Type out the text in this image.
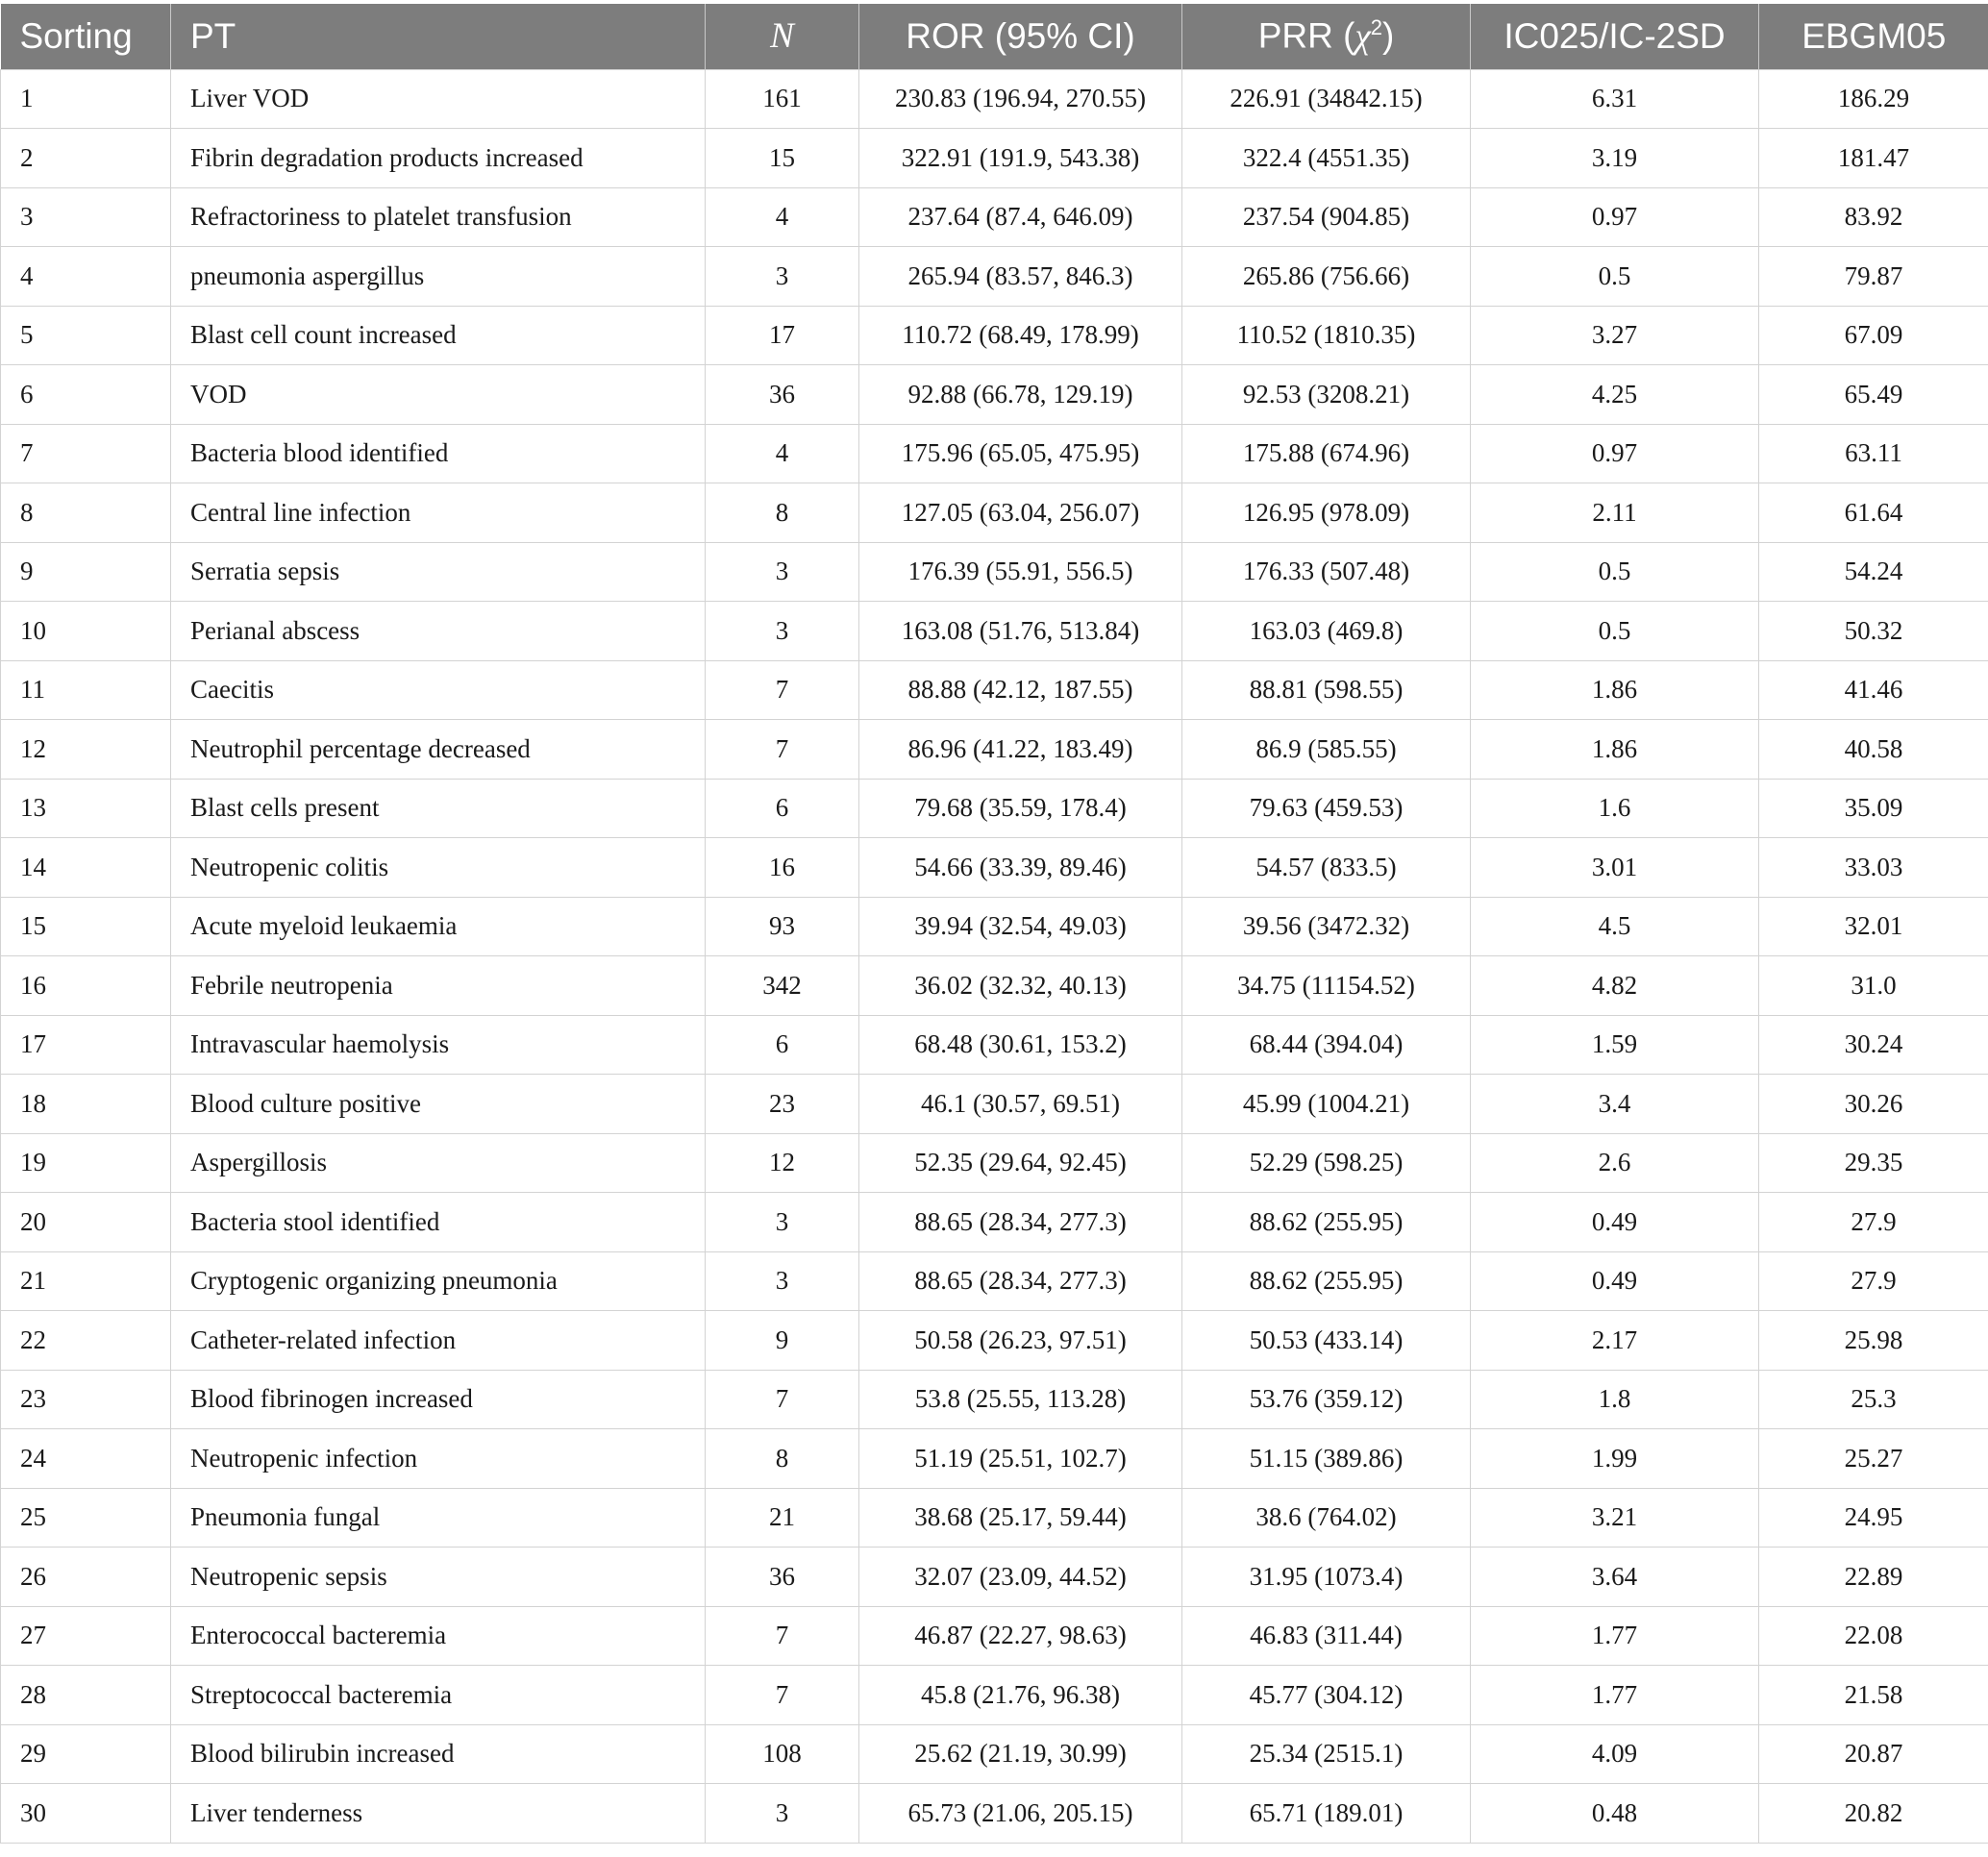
Sorting	PT	N	ROR (95% CI)	PRR $(\chi^2)$	IC025/IC-2SD	EBGM05
1	Liver VOD	161	230.83 (196.94, 270.55)	226.91 (34842.15)	6.31	186.29
2	Fibrin degradation products increased	15	322.91 (191.9, 543.38)	322.4 (4551.35)	3.19	181.47
3	Refractoriness to platelet transfusion	4	237.64 (87.4, 646.09)	237.54 (904.85)	0.97	83.92
4	pneumonia aspergillus	3	265.94 (83.57, 846.3)	265.86 (756.66)	0.5	79.87
5	Blast cell count increased	17	110.72 (68.49, 178.99)	110.52 (1810.35)	3.27	67.09
6	VOD	36	92.88 (66.78, 129.19)	92.53 (3208.21)	4.25	65.49
7	Bacteria blood identified	4	175.96 (65.05, 475.95)	175.88 (674.96)	0.97	63.11
8	Central line infection	8	127.05 (63.04, 256.07)	126.95 (978.09)	2.11	61.64
9	Serratia sepsis	3	176.39 (55.91, 556.5)	176.33 (507.48)	0.5	54.24
10	Perianal abscess	3	163.08 (51.76, 513.84)	163.03 (469.8)	0.5	50.32
11	Caecitis	7	88.88 (42.12, 187.55)	88.81 (598.55)	1.86	41.46
12	Neutrophil percentage decreased	7	86.96 (41.22, 183.49)	86.9 (585.55)	1.86	40.58
13	Blast cells present	6	79.68 (35.59, 178.4)	79.63 (459.53)	1.6	35.09
14	Neutropenic colitis	16	54.66 (33.39, 89.46)	54.57 (833.5)	3.01	33.03
15	Acute myeloid leukaemia	93	39.94 (32.54, 49.03)	39.56 (3472.32)	4.5	32.01
16	Febrile neutropenia	342	36.02 (32.32, 40.13)	34.75 (11154.52)	4.82	31.0
17	Intravascular haemolysis	6	68.48 (30.61, 153.2)	68.44 (394.04)	1.59	30.24
18	Blood culture positive	23	46.1 (30.57, 69.51)	45.99 (1004.21)	3.4	30.26
19	Aspergillosis	12	52.35 (29.64, 92.45)	52.29 (598.25)	2.6	29.35
20	Bacteria stool identified	3	88.65 (28.34, 277.3)	88.62 (255.95)	0.49	27.9
21	Cryptogenic organizing pneumonia	3	88.65 (28.34, 277.3)	88.62 (255.95)	0.49	27.9
22	Catheter-related infection	9	50.58 (26.23, 97.51)	50.53 (433.14)	2.17	25.98
23	Blood fibrinogen increased	7	53.8 (25.55, 113.28)	53.76 (359.12)	1.8	25.3
24	Neutropenic infection	8	51.19 (25.51, 102.7)	51.15 (389.86)	1.99	25.27
25	Pneumonia fungal	21	38.68 (25.17, 59.44)	38.6 (764.02)	3.21	24.95
26	Neutropenic sepsis	36	32.07 (23.09, 44.52)	31.95 (1073.4)	3.64	22.89
27	Enterococcal bacteremia	7	46.87 (22.27, 98.63)	46.83 (311.44)	1.77	22.08
28	Streptococcal bacteremia	7	45.8 (21.76, 96.38)	45.77 (304.12)	1.77	21.58
29	Blood bilirubin increased	108	25.62 (21.19, 30.99)	25.34 (2515.1)	4.09	20.87
30	Liver tenderness	3	65.73 (21.06, 205.15)	65.71 (189.01)	0.48	20.82
